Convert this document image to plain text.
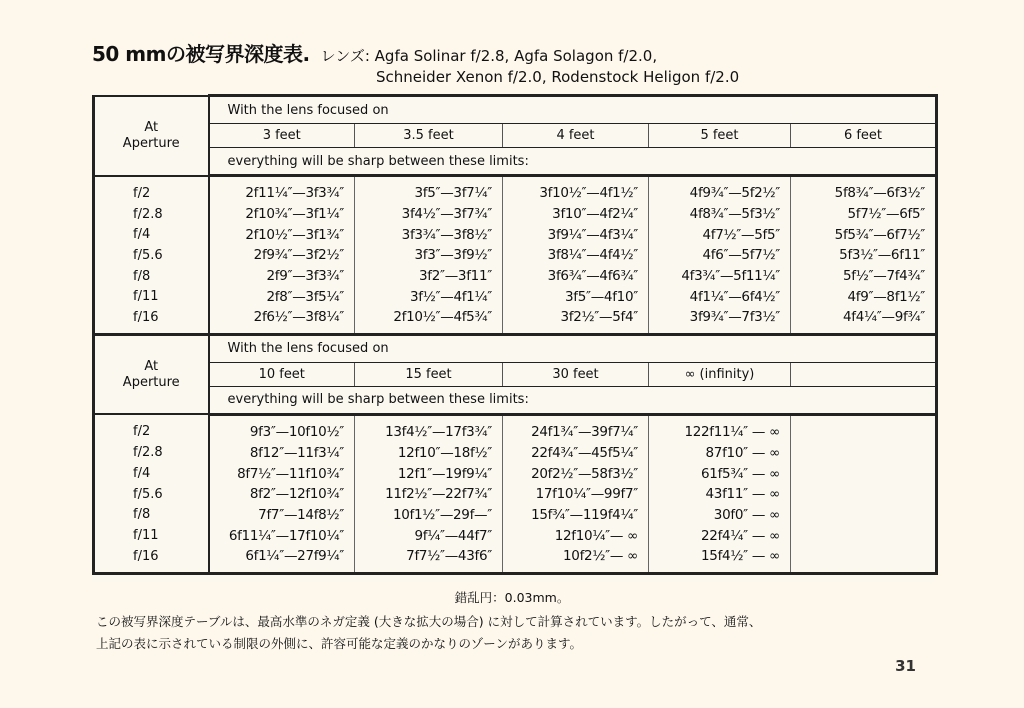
50 mmの被写界深度表. レンズ: Agfa Solinar f/2.8, Agfa Solagon f/2.0,
Schneider Xenon f/2.0, Rodenstock Heligon f/2.0
At
Aperture	With the lens focused on				
	3 feet	3.5 feet	4 feet	5 feet	6 feet
	everything will be sharp between these limits:				
f/2	2f11¼″—3f3¾″	3f5″—3f7¼″	3f10½″—4f1½″	4f9¾″—5f2½″	5f8¾″—6f3½″
f/2.8	2f10¾″—3f1¼″	3f4½″—3f7¾″	3f10″—4f2¼″	4f8¾″—5f3½″	5f7½″—6f5″
f/4	2f10½″—3f1¾″	3f3¾″—3f8½″	3f9¼″—4f3¼″	4f7½″—5f5″	5f5¾″—6f7½″
f/5.6	2f9¾″—3f2½″	3f3″—3f9½″	3f8¼″—4f4½″	4f6″—5f7½″	5f3½″—6f11″
f/8	2f9″—3f3¾″	3f2″—3f11″	3f6¾″—4f6¾″	4f3¾″—5f11¼″	5f½″—7f4¾″
f/11	2f8″—3f5¼″	3f½″—4f1¼″	3f5″—4f10″	4f1¼″—6f4½″	4f9″—8f1½″
f/16	2f6½″—3f8¼″	2f10½″—4f5¾″	3f2½″—5f4″	3f9¾″—7f3½″	4f4¼″—9f¾″

At
Aperture	With the lens focused on				
	10 feet	15 feet	30 feet	∞ (infinity)	
	everything will be sharp between these limits:				
f/2	9f3″—10f10½″	13f4½″—17f3¾″	24f1¾″—39f7¼″	122f11¼″ — ∞	
f/2.8	8f12″—11f3¼″	12f10″—18f½″	22f4¾″—45f5¼″	87f10″ — ∞	
f/4	8f7½″—11f10¾″	12f1″—19f9¼″	20f2½″—58f3½″	61f5¾″ — ∞	
f/5.6	8f2″—12f10¾″	11f2½″—22f7¾″	17f10¼″—99f7″	43f11″ — ∞	
f/8	7f7″—14f8½″	10f1½″—29f—″	15f¾″—119f4¼″	30f0″ — ∞	
f/11	6f11¼″—17f10¼″	9f¼″—44f7″	12f10¼″— ∞	22f4¼″ — ∞	
f/16	6f1¼″—27f9¼″	7f7½″—43f6″	10f2½″— ∞	15f4½″ — ∞	
錯乱円：0.03mm。
この被写界深度テーブルは、最高水準のネガ定義 (大きな拡大の場合) に対して計算されています。したがって、通常、
上記の表に示されている制限の外側に、許容可能な定義のかなりのゾーンがあります。
31
